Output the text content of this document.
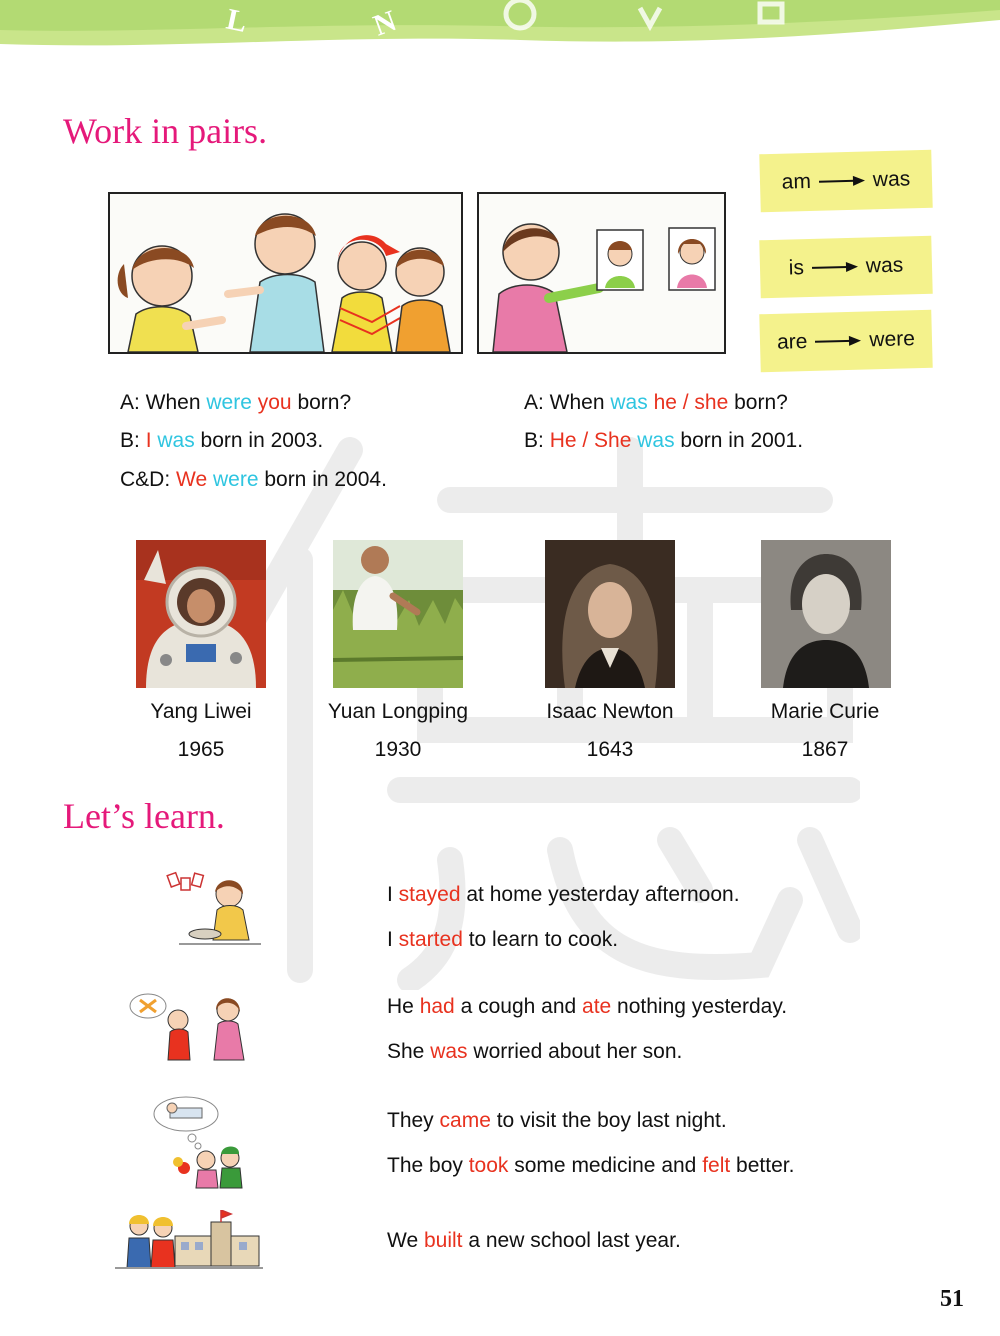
L	N
Work in pairs.
am	was
is	was
are	were
A: When were you born?
B: I was born in 2003.
C&D: We were born in 2004.
A: When was he / she born?
B: He / She was born in 2001.
Yang Liwei
1965
Yuan Longping
1930
Isaac Newton
1643
Marie Curie
1867
Let’s learn.
I stayed at home yesterday afternoon.
I started to learn to cook.
He had a cough and ate nothing yesterday.
She was worried about her son.
They came to visit the boy last night.
The boy took some medicine and felt better.
We built a new school last year.
51
